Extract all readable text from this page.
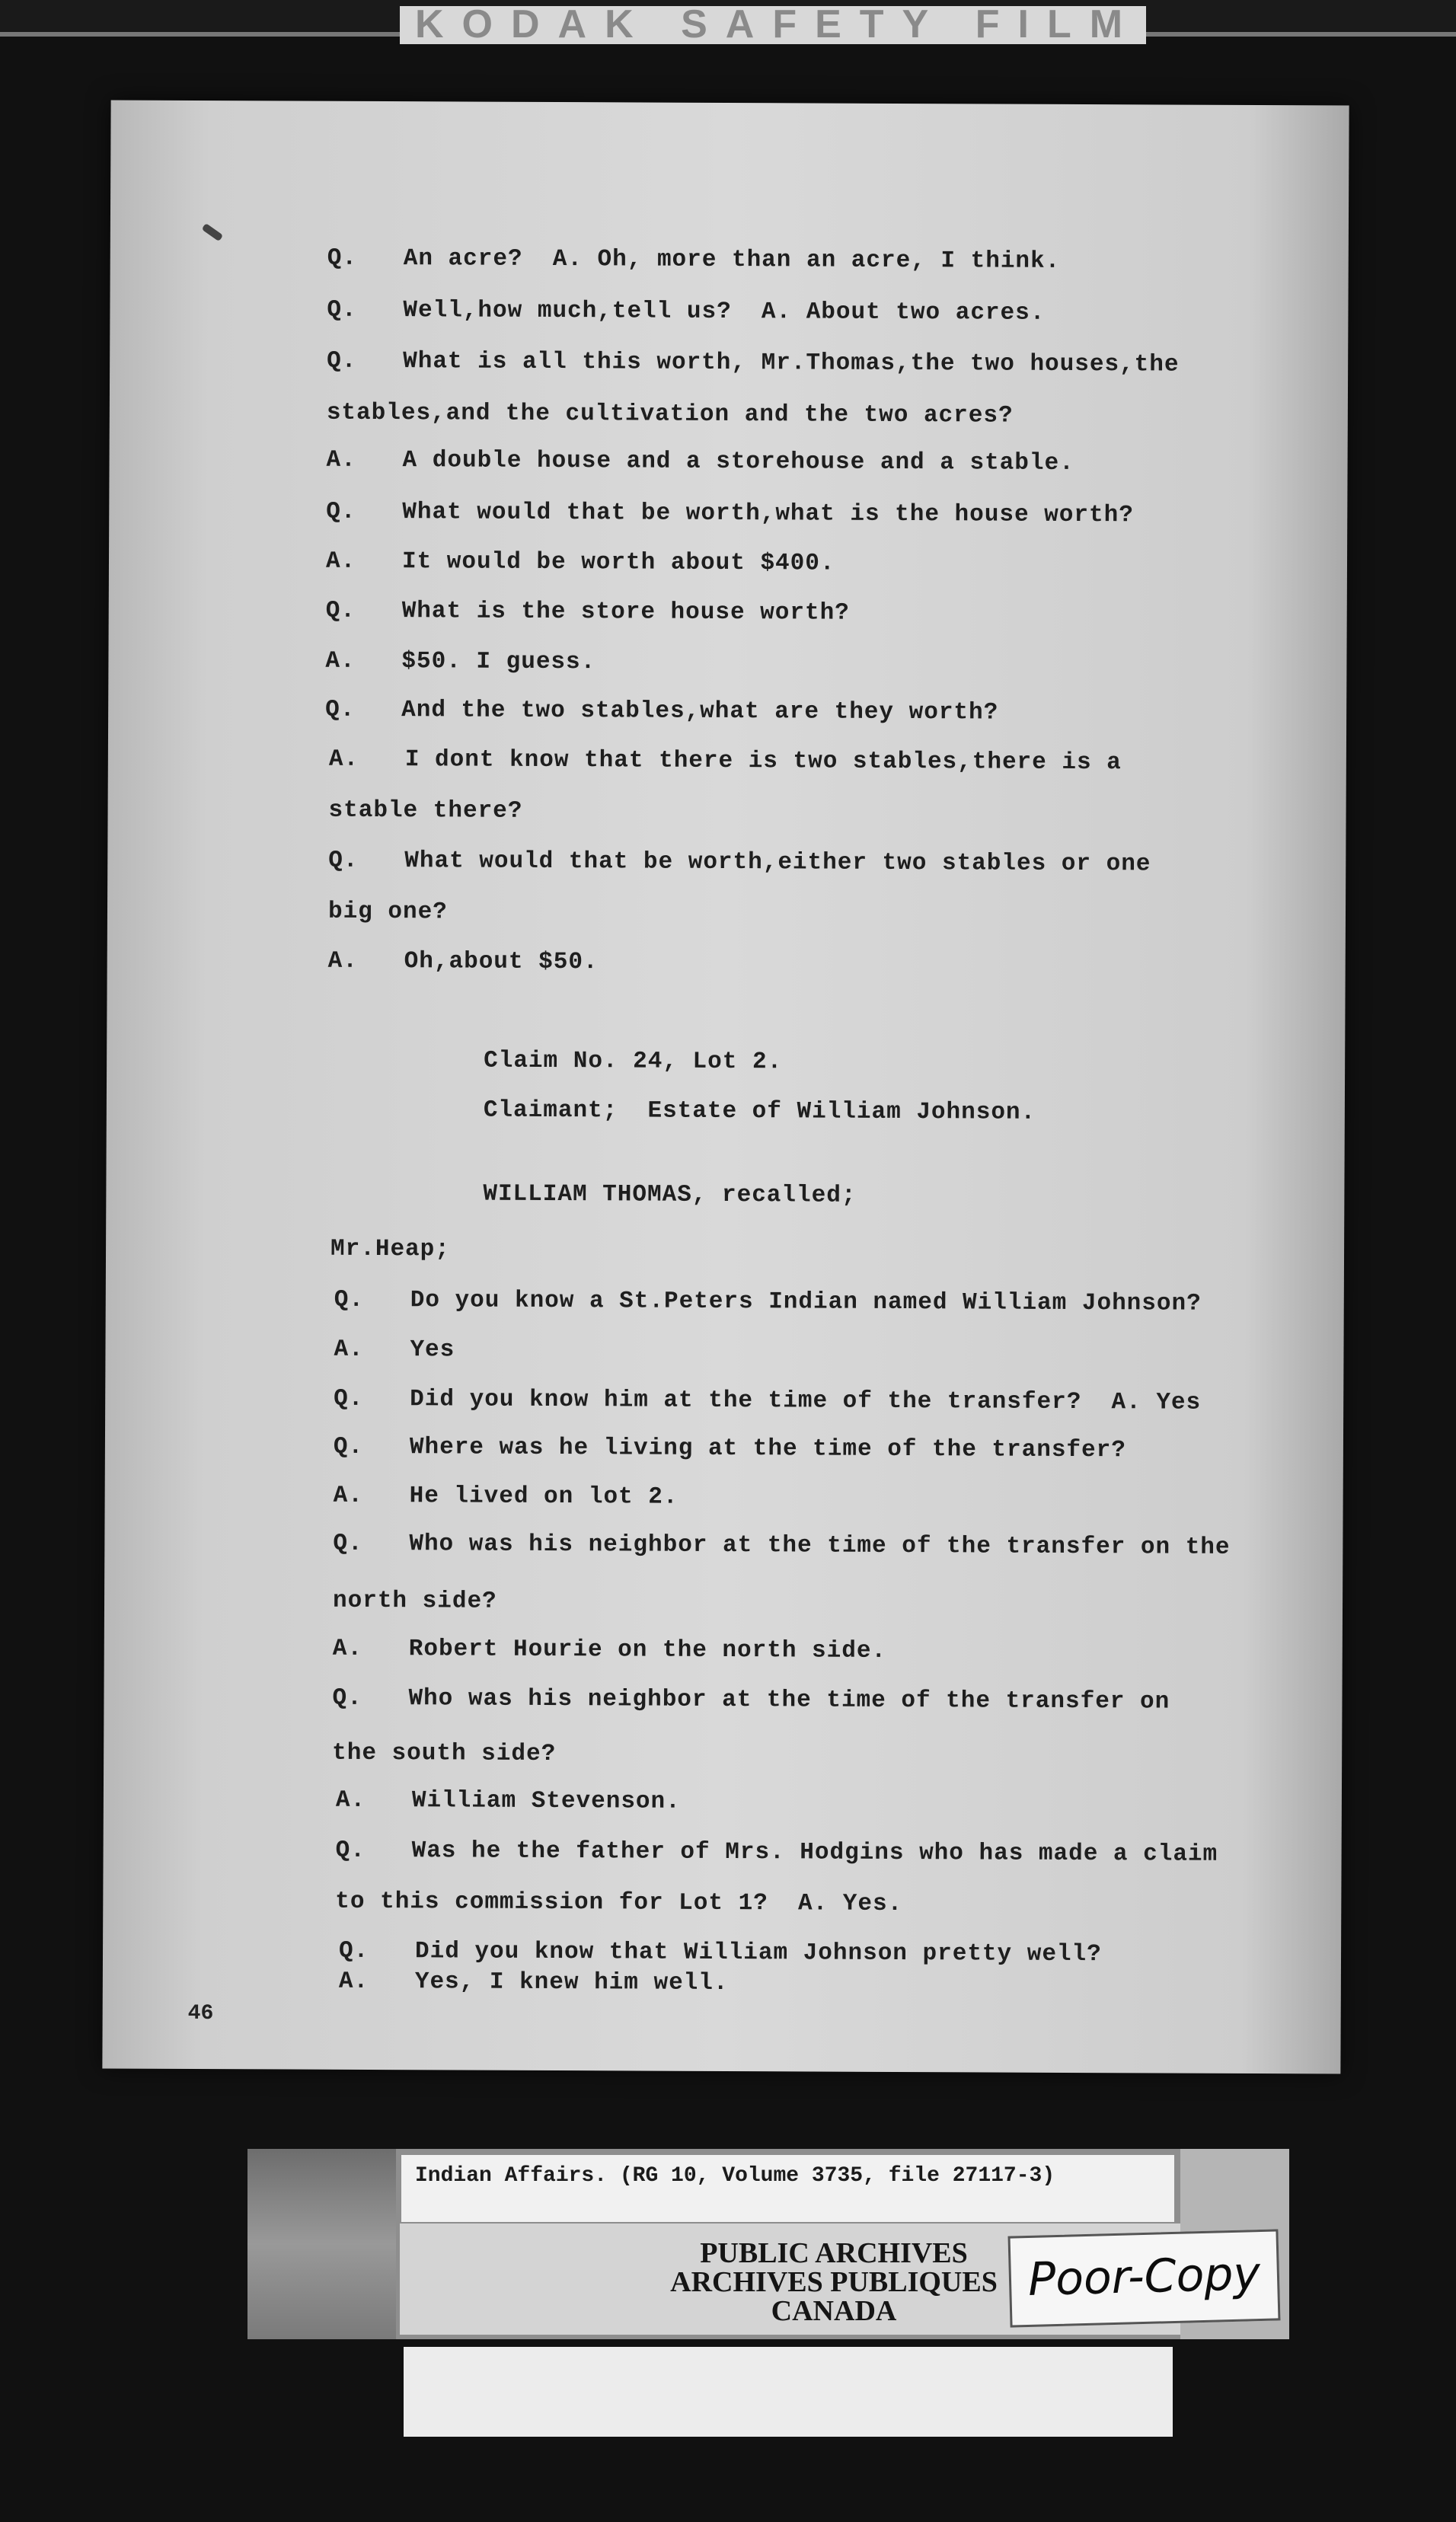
KODAK SAFETY FILM
Q. An acre?  A. Oh, more than an acre, I think.
Q. Well,how much,tell us?  A. About two acres.
Q. What is all this worth, Mr.Thomas,the two houses,the
stables,and the cultivation and the two acres?
A. A double house and a storehouse and a stable.
Q. What would that be worth,what is the house worth?
A. It would be worth about $400.
Q. What is the store house worth?
A. $50. I guess.
Q. And the two stables,what are they worth?
A. I dont know that there is two stables,there is a
stable there?
Q. What would that be worth,either two stables or one
big one?
A. Oh,about $50.
Claim No. 24, Lot 2.
Claimant;  Estate of William Johnson.
WILLIAM THOMAS, recalled;
Mr.Heap;
Q. Do you know a St.Peters Indian named William Johnson?
A. Yes
Q. Did you know him at the time of the transfer?  A. Yes
Q. Where was he living at the time of the transfer?
A. He lived on lot 2.
Q. Who was his neighbor at the time of the transfer on the
north side?
A. Robert Hourie on the north side.
Q. Who was his neighbor at the time of the transfer on
the south side?
A. William Stevenson.
Q. Was he the father of Mrs. Hodgins who has made a claim
to this commission for Lot 1?  A. Yes.
Q. Did you know that William Johnson pretty well?
A. Yes, I knew him well.
46
Indian Affairs. (RG 10, Volume 3735, file 27117-3)
PUBLIC ARCHIVES
ARCHIVES PUBLIQUES
CANADA
Poor-Copy
